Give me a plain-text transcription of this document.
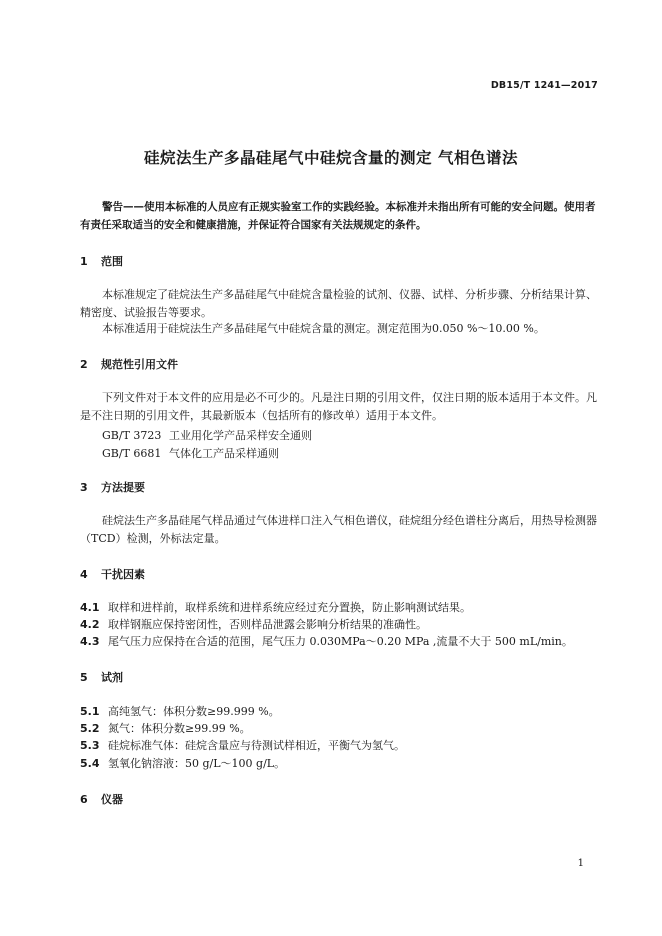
DB15/T 1241—2017
硅烷法生产多晶硅尾气中硅烷含量的测定 气相色谱法
警告——使用本标准的人员应有正规实验室工作的实践经验。本标准并未指出所有可能的安全问题。使用者有责任采取适当的安全和健康措施，并保证符合国家有关法规规定的条件。
1 范围
本标准规定了硅烷法生产多晶硅尾气中硅烷含量检验的试剂、仪器、试样、分析步骤、分析结果计算、精密度、试验报告等要求。
本标准适用于硅烷法生产多晶硅尾气中硅烷含量的测定。测定范围为0.050 %～10.00 %。
2 规范性引用文件
下列文件对于本文件的应用是必不可少的。凡是注日期的引用文件，仅注日期的版本适用于本文件。凡是不注日期的引用文件，其最新版本（包括所有的修改单）适用于本文件。
GB/T 3723 工业用化学产品采样安全通则
GB/T 6681 气体化工产品采样通则
3 方法提要
硅烷法生产多晶硅尾气样品通过气体进样口注入气相色谱仪，硅烷组分经色谱柱分离后，用热导检测器（TCD）检测，外标法定量。
4 干扰因素
4.1 取样和进样前，取样系统和进样系统应经过充分置换，防止影响测试结果。
4.2 取样钢瓶应保持密闭性，否则样品泄露会影响分析结果的准确性。
4.3 尾气压力应保持在合适的范围，尾气压力 0.030MPa～0.20 MPa ,流量不大于 500 mL/min。
5 试剂
5.1 高纯氢气：体积分数≥99.999 %。
5.2 氮气：体积分数≥99.99 %。
5.3 硅烷标准气体：硅烷含量应与待测试样相近，平衡气为氢气。
5.4 氢氧化钠溶液：50 g/L～100 g/L。
6 仪器
1
